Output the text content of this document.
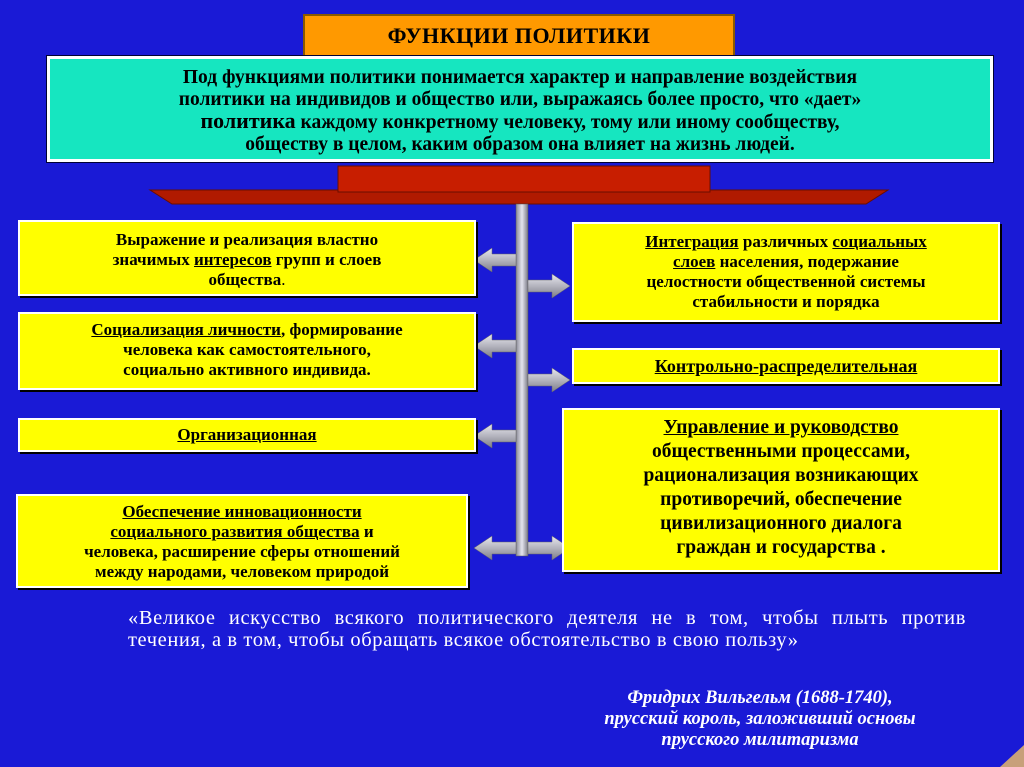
ФУНКЦИИ ПОЛИТИКИ
Под функциями политики понимается характер и направление воздействия
политики на индивидов и общество или, выражаясь более просто, что «дает»
политика каждому конкретному человеку, тому или иному сообществу,
обществу в целом, каким образом она влияет на жизнь людей.
Выражение и реализация властно
значимых интересов групп и слоев
общества.
Социализация личности, формирование
человека как самостоятельного,
социально активного индивида.
Организационная
Обеспечение инновационности
социального развития общества и
человека, расширение сферы отношений
между народами, человеком природой
Интеграция различных социальных
слоев населения, подержание
целостности общественной системы
стабильности и порядка
Контрольно-распределительная
Управление и руководство
общественными процессами,
рационализация возникающих
противоречий, обеспечение
цивилизационного диалога
граждан и государства .
«Великое искусство всякого политического деятеля не в том, чтобы плыть против течения, а в том, чтобы обращать всякое обстоятельство в свою пользу»
Фридрих Вильгельм (1688-1740),
прусский король, заложивший основы
прусского милитаризма
